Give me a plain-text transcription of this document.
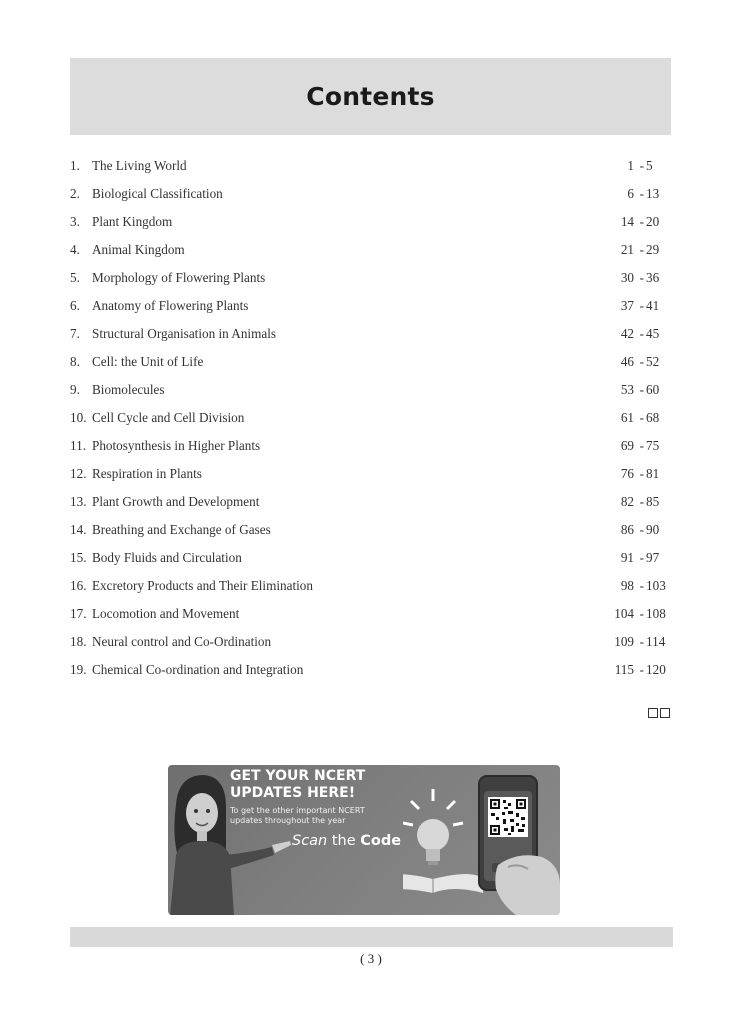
Contents
1. The Living World	1 - 5
2. Biological Classification	6 - 13
3. Plant Kingdom	14 - 20
4. Animal Kingdom	21 - 29
5. Morphology of Flowering Plants	30 - 36
6. Anatomy of Flowering Plants	37 - 41
7. Structural Organisation in Animals	42 - 45
8. Cell: the Unit of Life	46 - 52
9. Biomolecules	53 - 60
10. Cell Cycle and Cell Division	61 - 68
11. Photosynthesis in Higher Plants	69 - 75
12. Respiration in Plants	76 - 81
13. Plant Growth and Development	82 - 85
14. Breathing and Exchange of Gases	86 - 90
15. Body Fluids and Circulation	91 - 97
16. Excretory Products and Their Elimination	98 - 103
17. Locomotion and Movement	104 - 108
18. Neural control and Co-Ordination	109 - 114
19. Chemical Co-ordination and Integration	115 - 120
GET YOUR NCERT
UPDATES HERE!
To get the other important NCERT
updates throughout the year
Scan the Code
( 3 )
